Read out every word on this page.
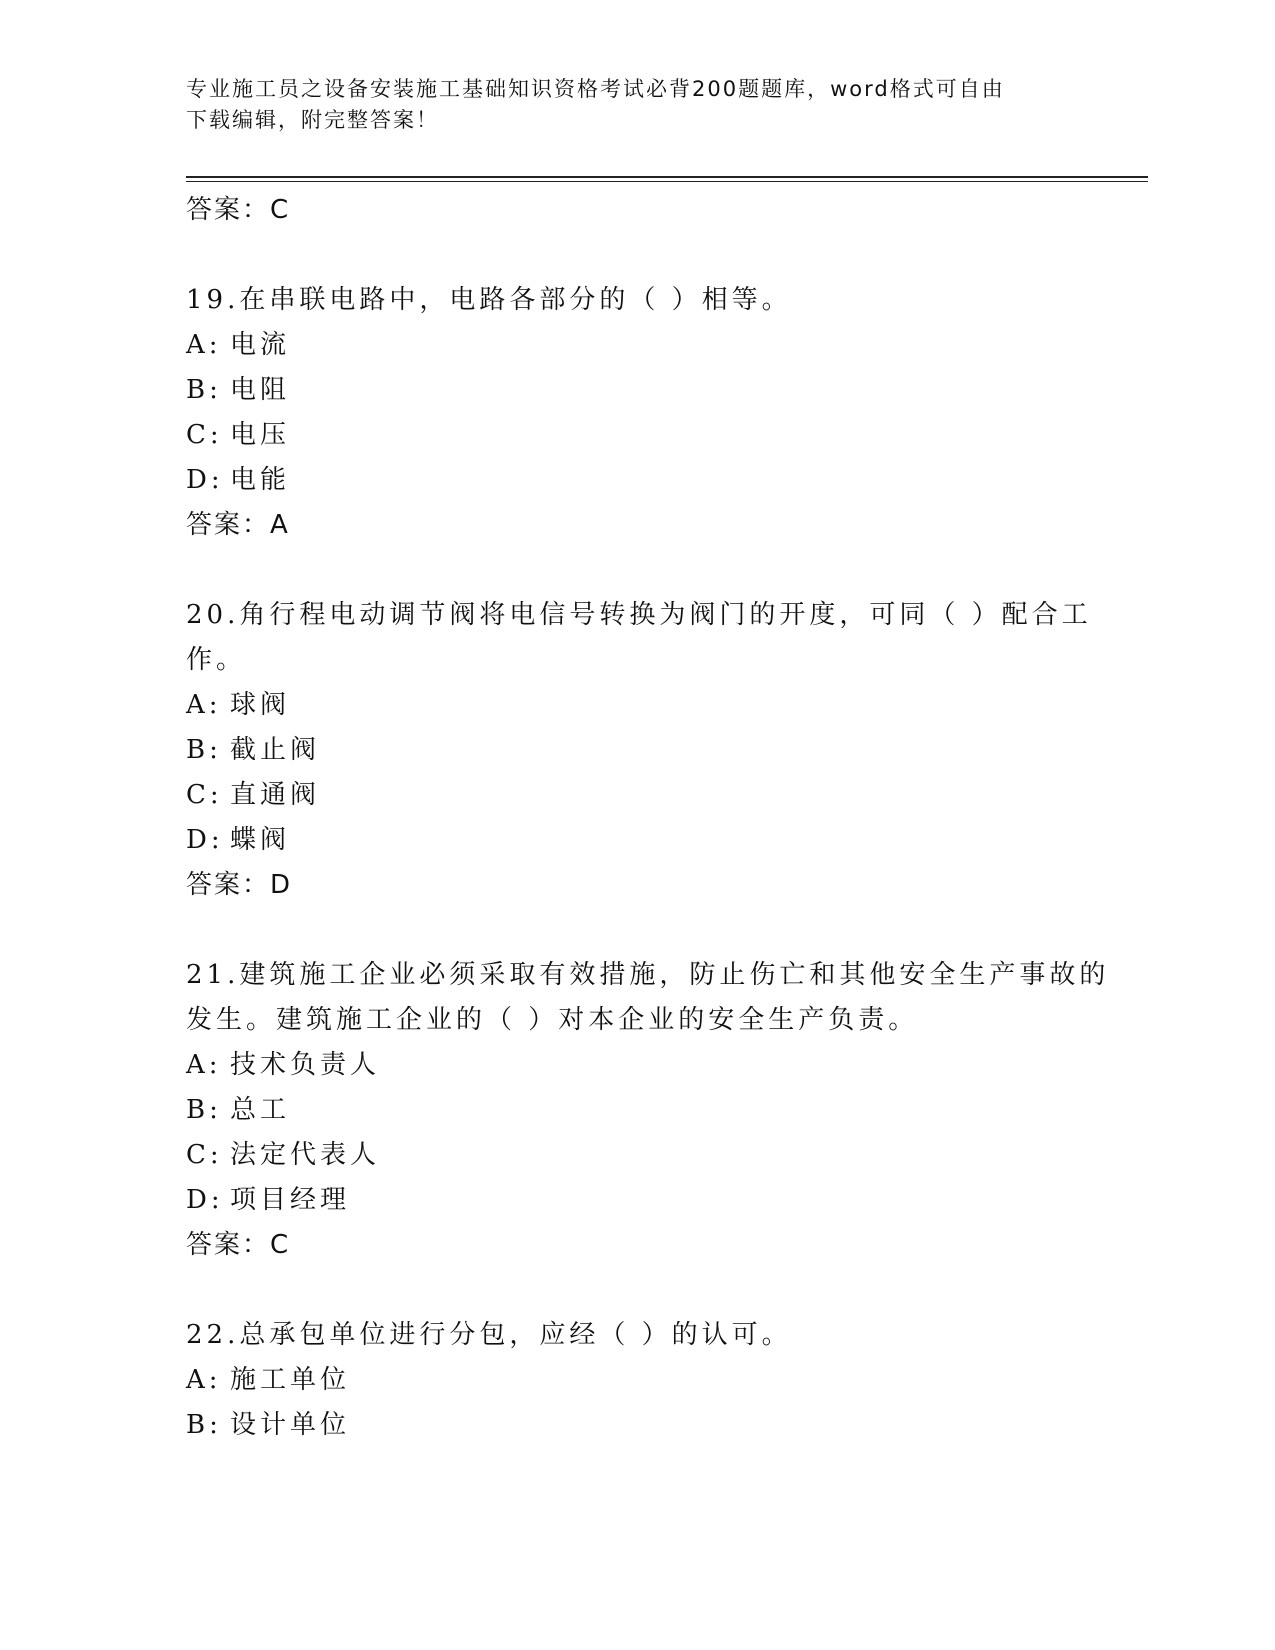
专业施工员之设备安装施工基础知识资格考试必背200题题库，word格式可自由
下载编辑，附完整答案！
答案：C
19.在串联电路中，电路各部分的（ ）相等。
A: 电流
B: 电阻
C: 电压
D: 电能
答案：A
20.角行程电动调节阀将电信号转换为阀门的开度，可同（ ）配合工
作。
A: 球阀
B: 截止阀
C: 直通阀
D: 蝶阀
答案：D
21.建筑施工企业必须采取有效措施，防止伤亡和其他安全生产事故的
发生。建筑施工企业的（ ）对本企业的安全生产负责。
A: 技术负责人
B: 总工
C: 法定代表人
D: 项目经理
答案：C
22.总承包单位进行分包，应经（ ）的认可。
A: 施工单位
B: 设计单位
